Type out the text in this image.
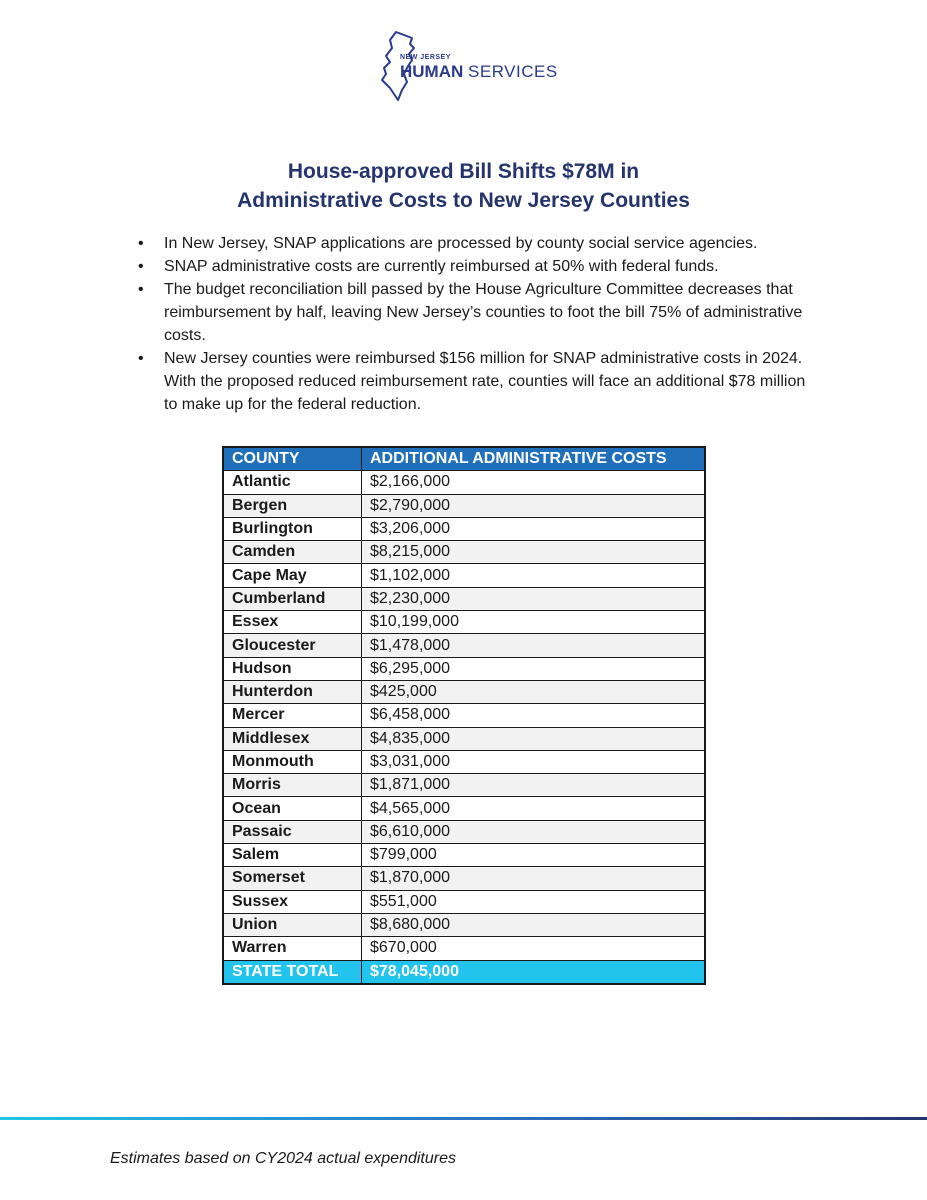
NEW JERSEY
HUMAN SERVICES
House-approved Bill Shifts $78M in
Administrative Costs to New Jersey Counties
• In New Jersey, SNAP applications are processed by county social service agencies.
• SNAP administrative costs are currently reimbursed at 50% with federal funds.
• The budget reconciliation bill passed by the House Agriculture Committee decreases that reimbursement by half, leaving New Jersey’s counties to foot the bill 75% of administrative costs.
• New Jersey counties were reimbursed $156 million for SNAP administrative costs in 2024. With the proposed reduced reimbursement rate, counties will face an additional $78 million to make up for the federal reduction.
COUNTY	ADDITIONAL ADMINISTRATIVE COSTS
Atlantic	$2,166,000
Bergen	$2,790,000
Burlington	$3,206,000
Camden	$8,215,000
Cape May	$1,102,000
Cumberland	$2,230,000
Essex	$10,199,000
Gloucester	$1,478,000
Hudson	$6,295,000
Hunterdon	$425,000
Mercer	$6,458,000
Middlesex	$4,835,000
Monmouth	$3,031,000
Morris	$1,871,000
Ocean	$4,565,000
Passaic	$6,610,000
Salem	$799,000
Somerset	$1,870,000
Sussex	$551,000
Union	$8,680,000
Warren	$670,000
STATE TOTAL	$78,045,000
Estimates based on CY2024 actual expenditures
